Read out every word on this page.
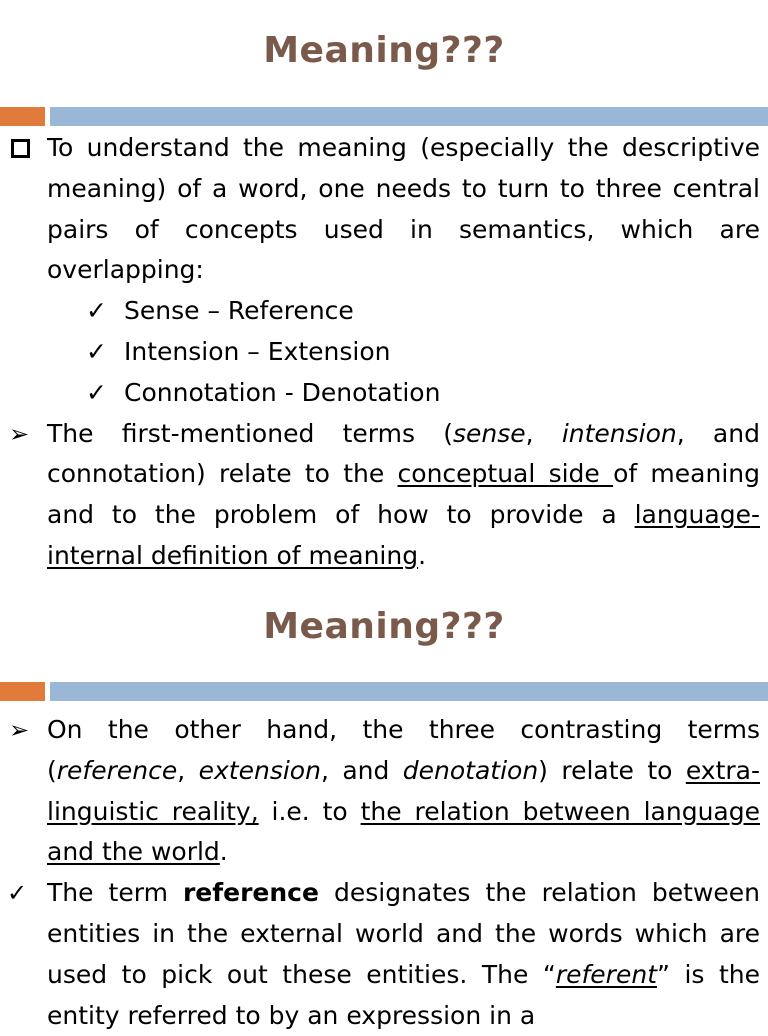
Meaning???
To understand the meaning (especially the descriptive meaning) of a word, one needs to turn to three central pairs of concepts used in semantics, which are overlapping:
✓ Sense – Reference
✓ Intension – Extension
✓ Connotation - Denotation
➢ The first-mentioned terms (sense, intension, and connotation) relate to the conceptual side of meaning and to the problem of how to provide a language-internal definition of meaning.
Meaning???
➢ On the other hand, the three contrasting terms (reference, extension, and denotation) relate to extra-linguistic reality, i.e. to the relation between language and the world.
✓ The term reference designates the relation between entities in the external world and the words which are used to pick out these entities. The “referent” is the entity referred to by an expression in a
